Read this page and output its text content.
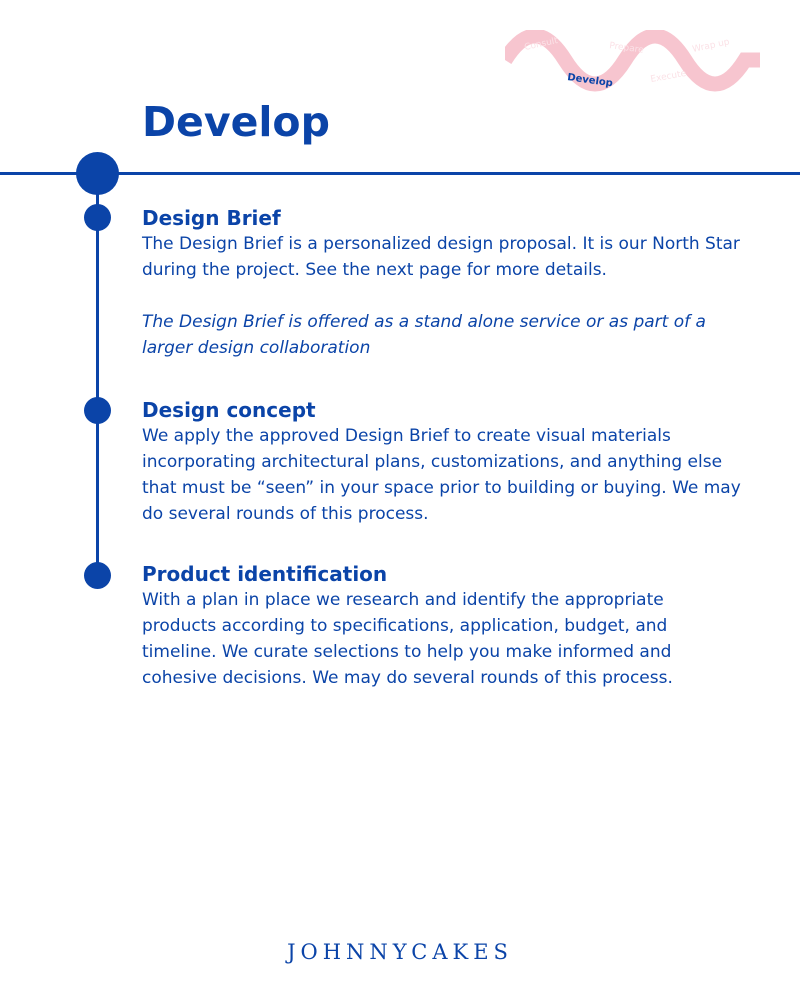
Consult	Prepare	Wrap up
Develop	Execute
Develop
Design Brief

The Design Brief is a personalized design proposal. It is our North Star during the project. See the next page for more details.

The Design Brief is offered as a stand alone service or as part of a larger design collaboration

Design concept

We apply the approved Design Brief to create visual materials incorporating architectural plans, customizations, and anything else that must be “seen” in your space prior to building or buying. We may do several rounds of this process.

Product identification

With a plan in place we research and identify the appropriate products according to specifications, application, budget, and timeline. We curate selections to help you make informed and cohesive decisions. We may do several rounds of this process.

JOHNNYCAKES
